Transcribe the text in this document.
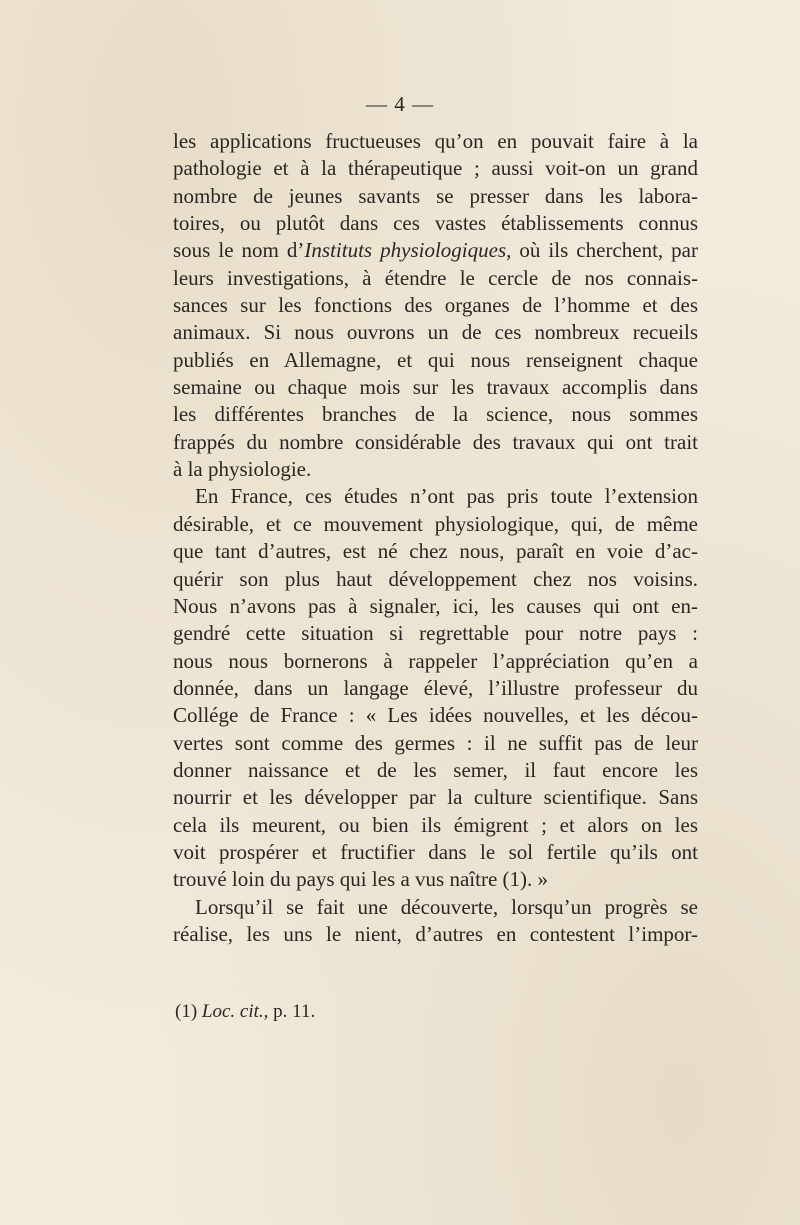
— 4 —
les applications fructueuses qu’on en pouvait faire à la
pathologie et à la thérapeutique ; aussi voit-on un grand
nombre de jeunes savants se presser dans les labora-
toires, ou plutôt dans ces vastes établissements connus
sous le nom d’Instituts physiologiques, où ils cherchent, par
leurs investigations, à étendre le cercle de nos connais-
sances sur les fonctions des organes de l’homme et des
animaux. Si nous ouvrons un de ces nombreux recueils
publiés en Allemagne, et qui nous renseignent chaque
semaine ou chaque mois sur les travaux accomplis dans
les différentes branches de la science, nous sommes
frappés du nombre considérable des travaux qui ont trait
à la physiologie.
En France, ces études n’ont pas pris toute l’extension
désirable, et ce mouvement physiologique, qui, de même
que tant d’autres, est né chez nous, paraît en voie d’ac-
quérir son plus haut développement chez nos voisins.
Nous n’avons pas à signaler, ici, les causes qui ont en-
gendré cette situation si regrettable pour notre pays :
nous nous bornerons à rappeler l’appréciation qu’en a
donnée, dans un langage élevé, l’illustre professeur du
Collége de France : « Les idées nouvelles, et les décou-
vertes sont comme des germes : il ne suffit pas de leur
donner naissance et de les semer, il faut encore les
nourrir et les développer par la culture scientifique. Sans
cela ils meurent, ou bien ils émigrent ; et alors on les
voit prospérer et fructifier dans le sol fertile qu’ils ont
trouvé loin du pays qui les a vus naître (1). »
Lorsqu’il se fait une découverte, lorsqu’un progrès se
réalise, les uns le nient, d’autres en contestent l’impor-
(1) Loc. cit., p. 11.
